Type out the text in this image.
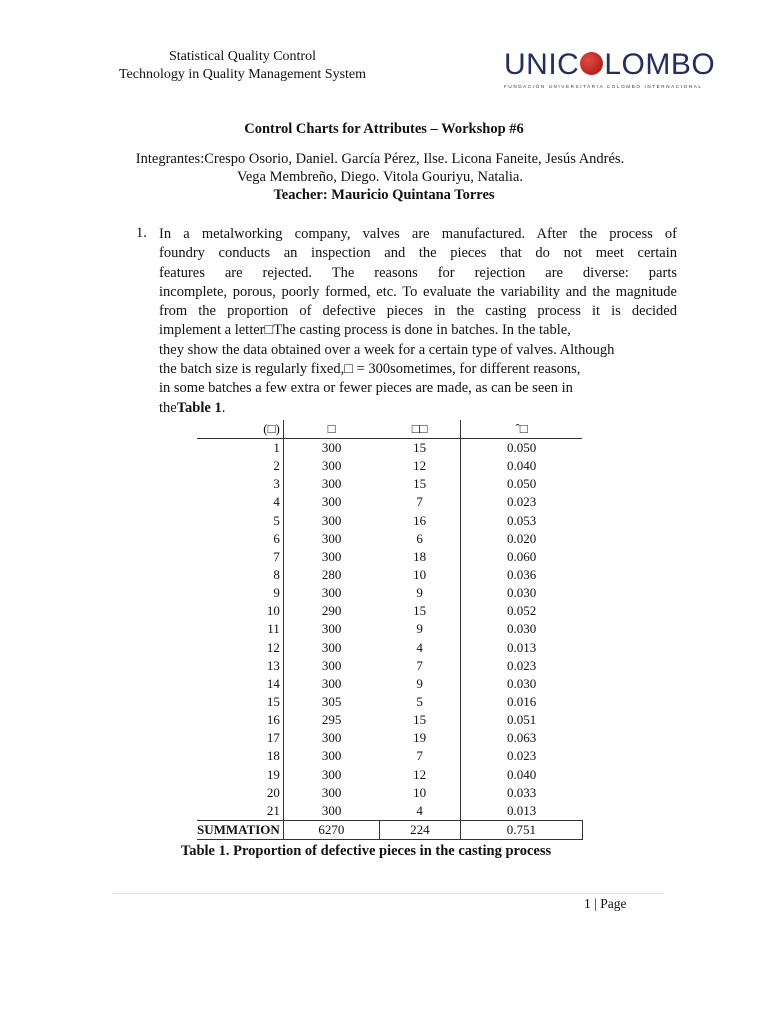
Statistical Quality Control
Technology in Quality Management System	UNIC LOMBO
FUNDACIÓN UNIVERSITARIA COLOMBO INTERNACIONAL
Control Charts for Attributes – Workshop #6
Integrantes:Crespo Osorio, Daniel. García Pérez, Ilse. Licona Faneite, Jesús Andrés.
Vega Membreño, Diego. Vitola Gouriyu, Natalia.
Teacher: Mauricio Quintana Torres
1. In a metalworking company, valves are manufactured. After the process of
foundry conducts an inspection and the pieces that do not meet certain
features are rejected. The reasons for rejection are diverse: parts
incomplete, porous, poorly formed, etc. To evaluate the variability and the magnitude
from the proportion of defective pieces in the casting process it is decided
implement a letter□The casting process is done in batches. In the table,
they show the data obtained over a week for a certain type of valves. Although
the batch size is regularly fixed,□ = 300sometimes, for different reasons,
in some batches a few extra or fewer pieces are made, as can be seen in
theTable 1.
(□)	□	□□	ˆ□
1	300	15	0.050
2	300	12	0.040
3	300	15	0.050
4	300	7	0.023
5	300	16	0.053
6	300	6	0.020
7	300	18	0.060
8	280	10	0.036
9	300	9	0.030
10	290	15	0.052
11	300	9	0.030
12	300	4	0.013
13	300	7	0.023
14	300	9	0.030
15	305	5	0.016
16	295	15	0.051
17	300	19	0.063
18	300	7	0.023
19	300	12	0.040
20	300	10	0.033
21	300	4	0.013
SUMMATION	6270	224	0.751
Table 1. Proportion of defective pieces in the casting process
1 | Page
